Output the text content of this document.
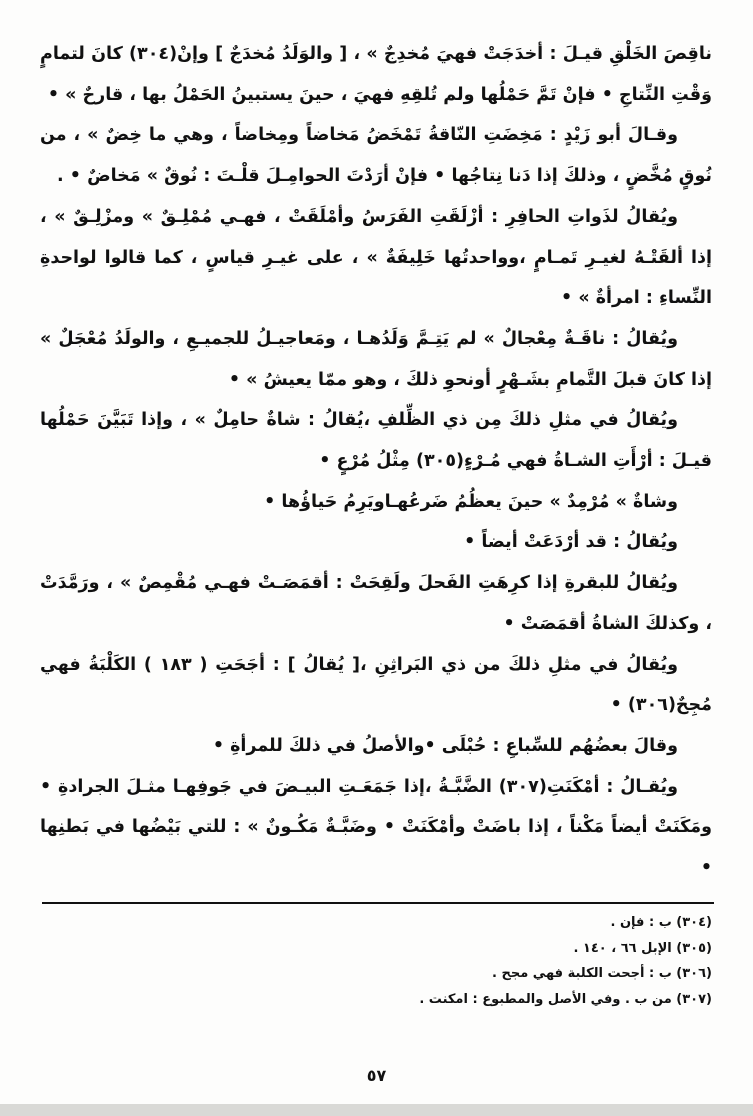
ناقِصَ الخَلْقِ قيـلَ : أخدَجَتْ فهيَ مُخدِجٌ » ، [ والوَلَدُ مُخدَجٌ ] وإنْ(٣٠٤) كانَ لتمامٍ وَقْتِ النِّتاجِ • فإنْ تَمَّ حَمْلُها ولم تُلقِهِ فهيَ ، حينَ يستبينُ الحَمْلُ بها ، قارحٌ » •

وقـالَ أبو زَيْدٍ : مَخِضَتِ النّاقةُ تَمْخَضُ مَخاضاً ومِخاضاً ، وهي ما خِضٌ » ، من نُوقٍ مُخَّضٍ ، وذلكَ إذا دَنا نِتاجُها • فإنْ أرَدْتَ الحوامِـلَ قلْـتَ : نُوقٌ » مَخاضٌ • .

ويُقالُ لذَواتِ الحافِرِ : أزْلَقَتِ الفَرَسُ وأمْلَقَتْ ، فهـي مُمْلِـقٌ » ومزْلِـقٌ » ، إذا ألقَتْـهُ لغيـرِ تَمـامٍ ،وواحدتُها خَلِيفَةٌ » ، على غيـرِ قياسٍ ، كما قالوا لواحدةِ النِّساءِ : امرأةٌ » •

ويُقالُ : ناقَـةٌ مِعْجالٌ » لم يَتِـمَّ وَلَدُهـا ، ومَعاجيـلُ للجميـعِ ، والولَدُ مُعْجَلٌ » إذا كانَ قبلَ التَّمامِ بشَـهْرٍ أونحوِ ذلكَ ، وهو ممّا يعيشُ » •

ويُقالُ في مثلِ ذلكَ مِن ذي الظِّلفِ ،يُقالُ : شاةٌ حامِلٌ » ، وإذا تَبَيَّنَ حَمْلُها قيـلَ : أرْأَتِ الشـاةُ فهي مُـرْءٍ(٣٠٥) مِثْلُ مُرْعٍ •

وشاةٌ » مُرْمِدٌ » حينَ يعظُمُ ضَرعُهـاويَرِمُ حَياؤُها •

ويُقالُ : قد أرْدَعَتْ أيضاً •

ويُقالُ للبقرةِ إذا كرِهَتِ الفَحلَ ولَقِحَتْ : أقمَصَـتْ فهـي مُقْمِصٌ » ، ورَمَّدَتْ ، وكذلكَ الشاةُ أقمَصَتْ •

ويُقالُ في مثلِ ذلكَ من ذي البَراثِنِ ،[ يُقالُ ] : أجَحَتِ ( ١٨٣ ) الكَلْبَةُ فهي مُجِحٌ(٣٠٦) •

وقالَ بعضُهُم للسِّباعِ : حُبْلَى •والأصلُ في ذلكَ للمرأةِ •

ويُقـالُ : أمْكَنَتِ(٣٠٧) الضَّبَّـةُ ،إذا جَمَعَـتِ البيـضَ في جَوفِهـا مثـلَ الجرادةِ • ومَكَنَتْ أيضاً مَكْناً ، إذا باضَتْ وأمْكَنَتْ • وضَبَّـةٌ مَكُـونٌ » : للتي بَيْضُها في بَطنِها •

(٣٠٤) ب : فإن .

(٣٠٥) الإبل ٦٦ ، ١٤٠ .

(٣٠٦) ب : أجحت الكلبة فهي مجح .

(٣٠٧) من ب . وفي الأصل والمطبوع : امكنت .

٥٧
